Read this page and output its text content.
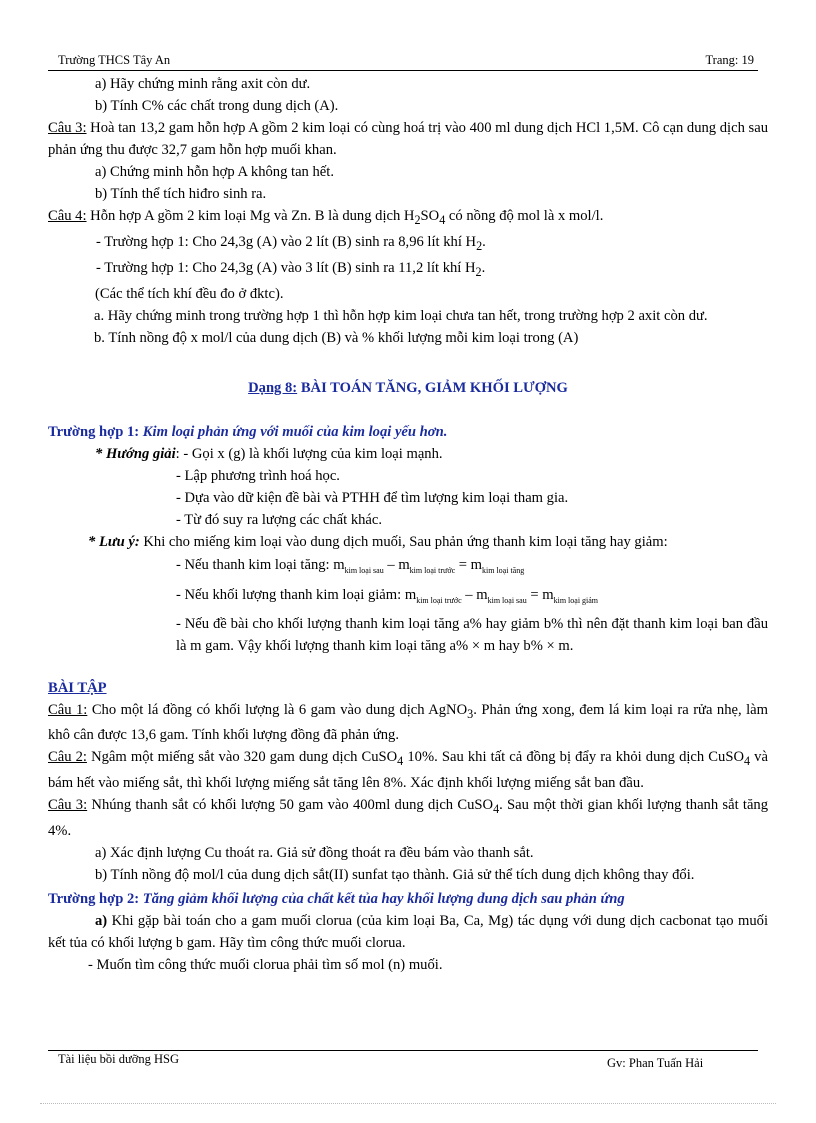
Trường THCS Tây An	Trang: 19

a) Hãy chứng minh rằng axit còn dư.

b) Tính C% các chất trong dung dịch (A).

Câu 3: Hoà tan 13,2 gam hỗn hợp A gồm 2 kim loại có cùng hoá trị vào 400 ml dung dịch HCl 1,5M. Cô cạn dung dịch sau phản ứng thu được 32,7 gam hỗn hợp muối khan.

a) Chứng minh hỗn hợp A không tan hết.

b) Tính thể tích hiđro sinh ra.

Câu 4: Hỗn hợp A gồm 2 kim loại Mg và Zn. B là dung dịch $H_2SO_4$ có nồng độ mol là x mol/l.

- Trường hợp 1: Cho 24,3g (A) vào 2 lít (B) sinh ra 8,96 lít khí $H_2$.

- Trường hợp 1: Cho 24,3g (A) vào 3 lít (B) sinh ra 11,2 lít khí $H_2$.

(Các thể tích khí đều đo ở đktc).

a. Hãy chứng minh trong trường hợp 1 thì hỗn hợp kim loại chưa tan hết, trong trường hợp 2 axit còn dư.

b. Tính nồng độ x mol/l của dung dịch (B) và % khối lượng mỗi kim loại trong (A)

Dạng 8: BÀI TOÁN TĂNG, GIẢM KHỐI LƯỢNG

Trường hợp 1: Kim loại phản ứng với muối của kim loại yếu hơn.

* Hướng giải: - Gọi x (g) là khối lượng của kim loại mạnh.

- Lập phương trình hoá học.

- Dựa vào dữ kiện đề bài và PTHH để tìm lượng kim loại tham gia.

- Từ đó suy ra lượng các chất khác.

* Lưu ý: Khi cho miếng kim loại vào dung dịch muối, Sau phản ứng thanh kim loại tăng hay giảm:

- Nếu thanh kim loại tăng: $m_{kim loại sau} - m_{kim loại trước} = m_{kim loại tăng}$

- Nếu khối lượng thanh kim loại giảm: $m_{kim loại trước} - m_{kim loại sau} = m_{kim loại giảm}$

- Nếu đề bài cho khối lượng thanh kim loại tăng a% hay giảm b% thì nên đặt thanh kim loại ban đầu là m gam. Vậy khối lượng thanh kim loại tăng a% × m hay b% × m.

BÀI TẬP

Câu 1: Cho một lá đồng có khối lượng là 6 gam vào dung dịch AgNO$_3$. Phản ứng xong, đem lá kim loại ra rửa nhẹ, làm khô cân được 13,6 gam. Tính khối lượng đồng đã phản ứng.

Câu 2: Ngâm một miếng sắt vào 320 gam dung dịch CuSO$_4$ 10%. Sau khi tất cả đồng bị đẩy ra khỏi dung dịch CuSO$_4$ và bám hết vào miếng sắt, thì khối lượng miếng sắt tăng lên 8%. Xác định khối lượng miếng sắt ban đầu.

Câu 3: Nhúng thanh sắt có khối lượng 50 gam vào 400ml dung dịch CuSO$_4$. Sau một thời gian khối lượng thanh sắt tăng 4%.

a) Xác định lượng Cu thoát ra. Giả sử đồng thoát ra đều bám vào thanh sắt.

b) Tính nồng độ mol/l của dung dịch sắt(II) sunfat tạo thành. Giả sử thể tích dung dịch không thay đổi.

Trường hợp 2: Tăng giảm khối lượng của chất kết tủa hay khối lượng dung dịch sau phản ứng

a) Khi gặp bài toán cho a gam muối clorua (của kim loại Ba, Ca, Mg) tác dụng với dung dịch cacbonat tạo muối kết tủa có khối lượng b gam. Hãy tìm công thức muối clorua.

- Muốn tìm công thức muối clorua phải tìm số mol (n) muối.

Tài liệu bồi dưỡng HSG	Gv: Phan Tuấn Hải
